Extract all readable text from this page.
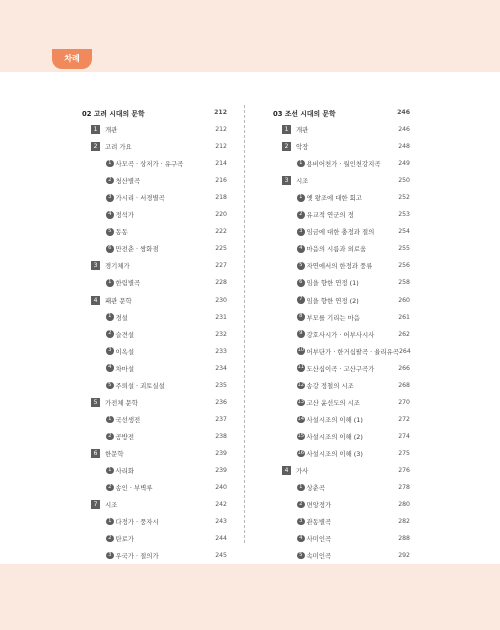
차례
02 고려 시대의 문학	212
1	개관	212
2	고려 가요	212
1 사모곡 · 상저가 · 유구곡	214
2 청산별곡	216
3 가시리 · 서경별곡	218
4 정석가	220
5 동동	222
6 만전춘 · 쌍화점	225
3	경기체가	227
1 한림별곡	228
4	패관 문학	230
1 경설	231
2 슬견설	232
3 이옥설	233
4 차마설	234
5 주뢰설 · 괴토실설	235
5	가전체 문학	236
1 국선생전	237
2 공방전	238
6	한문학	239
1 사리화	239
2 송인 · 부벽루	240
7	시조	242
1 다정가 · 풍자시	243
2 탄로가	244
3 우국가 · 절의가	245
03 조선 시대의 문학	246
1	개관	246
2	악장	248
1 용비어천가 · 월인천강지곡	249
3	시조	250
1 옛 왕조에 대한 회고	252
2 유교적 연군의 정	253
3 임금에 대한 충정과 절의	254
4 마음의 시름과 외로움	255
5 자연에서의 한정과 풍류	256
6 임을 향한 연정 (1)	258
7 임을 향한 연정 (2)	260
8 부모를 기리는 마음	261
9 강호사시가 · 어부사시사	262
10 어부단가 · 한거십팔곡 · 율리유곡 264
11 도산십이곡 · 고산구곡가	266
12 송강 정철의 시조	268
13 고산 윤선도의 시조	270
14 사설시조의 이해 (1)	272
15 사설시조의 이해 (2)	274
16 사설시조의 이해 (3)	275
4	가사	276
1 상춘곡	278
2 면앙정가	280
3 관동별곡	282
4 사미인곡	288
5 속미인곡	292
